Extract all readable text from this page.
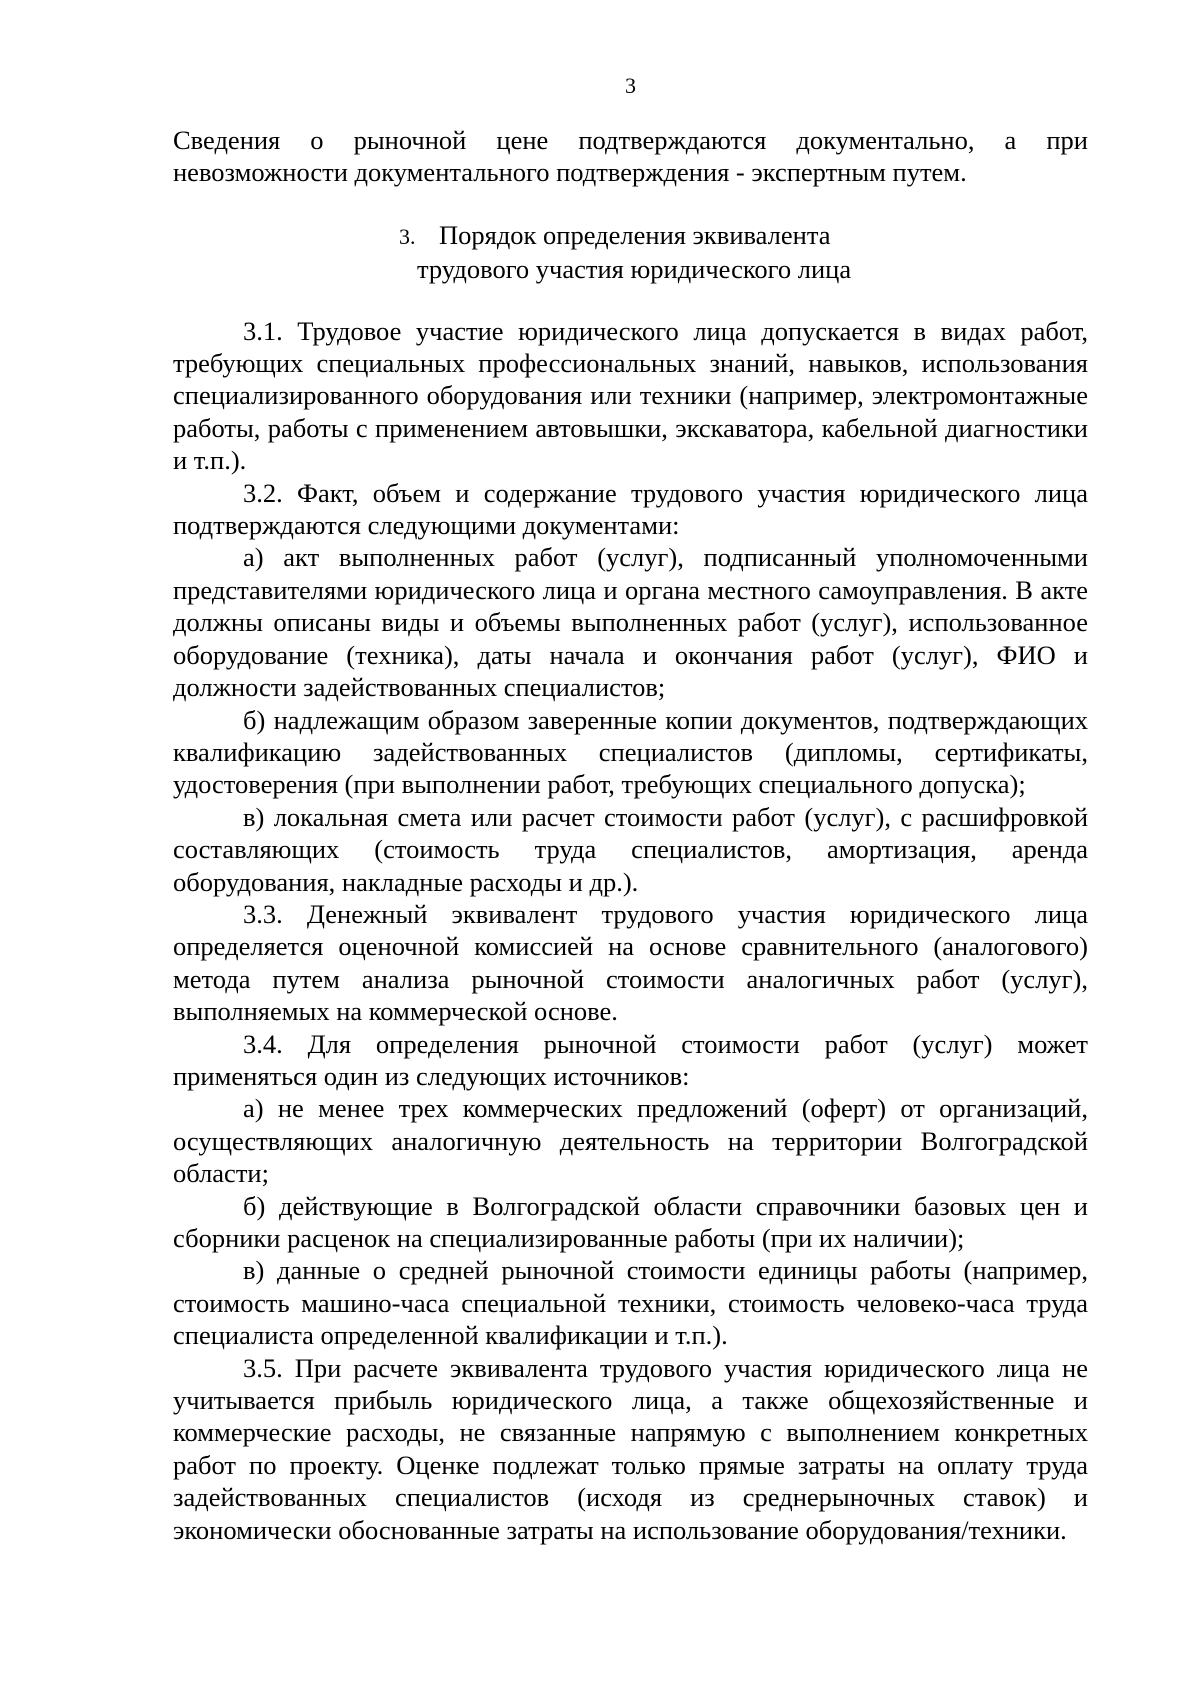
3

Сведения о рыночной цене подтверждаются документально, а при невозможности документального подтверждения - экспертным путем.

3. Порядок определения эквивалента
трудового участия юридического лица

3.1. Трудовое участие юридического лица допускается в видах работ, требующих специальных профессиональных знаний, навыков, использования специализированного оборудования или техники (например, электромонтажные работы, работы с применением автовышки, экскаватора, кабельной диагностики и т.п.).

3.2. Факт, объем и содержание трудового участия юридического лица подтверждаются следующими документами:

а) акт выполненных работ (услуг), подписанный уполномоченными представителями юридического лица и органа местного самоуправления. В акте должны описаны виды и объемы выполненных работ (услуг), использованное оборудование (техника), даты начала и окончания работ (услуг), ФИО и должности задействованных специалистов;

б) надлежащим образом заверенные копии документов, подтверждающих квалификацию задействованных специалистов (дипломы, сертификаты, удостоверения (при выполнении работ, требующих специального допуска);

в) локальная смета или расчет стоимости работ (услуг), с расшифровкой составляющих (стоимость труда специалистов, амортизация, аренда оборудования, накладные расходы и др.).

3.3. Денежный эквивалент трудового участия юридического лица определяется оценочной комиссией на основе сравнительного (аналогового) метода путем анализа рыночной стоимости аналогичных работ (услуг), выполняемых на коммерческой основе.

3.4. Для определения рыночной стоимости работ (услуг) может применяться один из следующих источников:

а) не менее трех коммерческих предложений (оферт) от организаций, осуществляющих аналогичную деятельность на территории Волгоградской области;

б) действующие в Волгоградской области справочники базовых цен и сборники расценок на специализированные работы (при их наличии);

в) данные о средней рыночной стоимости единицы работы (например, стоимость машино-часа специальной техники, стоимость человеко-часа труда специалиста определенной квалификации и т.п.).

3.5. При расчете эквивалента трудового участия юридического лица не учитывается прибыль юридического лица, а также общехозяйственные и коммерческие расходы, не связанные напрямую с выполнением конкретных работ по проекту. Оценке подлежат только прямые затраты на оплату труда задействованных специалистов (исходя из среднерыночных ставок) и экономически обоснованные затраты на использование оборудования/техники.
